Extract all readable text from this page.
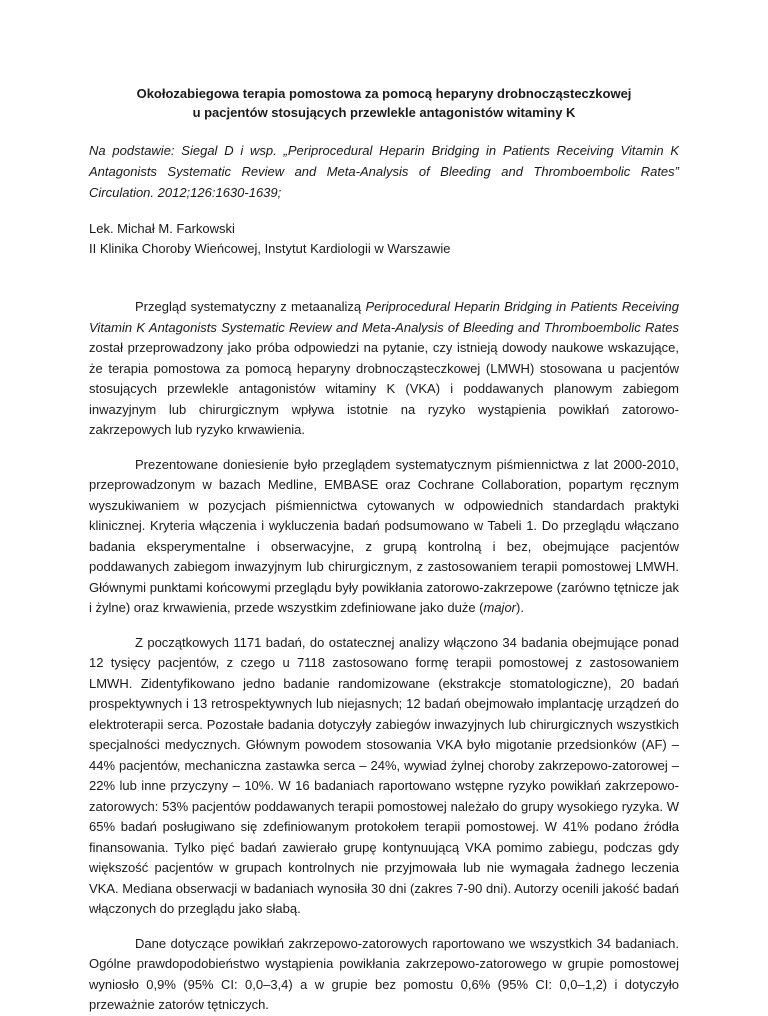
Okołozabiegowa terapia pomostowa za pomocą heparyny drobnocząsteczkowej
u pacjentów stosujących przewlekle antagonistów witaminy K
Na podstawie: Siegal D i wsp. „Periprocedural Heparin Bridging in Patients Receiving Vitamin K Antagonists Systematic Review and Meta-Analysis of Bleeding and Thromboembolic Rates” Circulation. 2012;126:1630-1639;
Lek. Michał M. Farkowski
II Klinika Choroby Wieńcowej, Instytut Kardiologii w Warszawie

Przegląd systematyczny z metaanalizą Periprocedural Heparin Bridging in Patients Receiving Vitamin K Antagonists Systematic Review and Meta-Analysis of Bleeding and Thromboembolic Rates został przeprowadzony jako próba odpowiedzi na pytanie, czy istnieją dowody naukowe wskazujące, że terapia pomostowa za pomocą heparyny drobnocząsteczkowej (LMWH) stosowana u pacjentów stosujących przewlekle antagonistów witaminy K (VKA) i poddawanych planowym zabiegom inwazyjnym lub chirurgicznym wpływa istotnie na ryzyko wystąpienia powikłań zatorowo-zakrzepowych lub ryzyko krwawienia.

Prezentowane doniesienie było przeglądem systematycznym piśmiennictwa z lat 2000-2010, przeprowadzonym w bazach Medline, EMBASE oraz Cochrane Collaboration, popartym ręcznym wyszukiwaniem w pozycjach piśmiennictwa cytowanych w odpowiednich standardach praktyki klinicznej. Kryteria włączenia i wykluczenia badań podsumowano w Tabeli 1. Do przeglądu włączano badania eksperymentalne i obserwacyjne, z grupą kontrolną i bez, obejmujące pacjentów poddawanych zabiegom inwazyjnym lub chirurgicznym, z zastosowaniem terapii pomostowej LMWH. Głównymi punktami końcowymi przeglądu były powikłania zatorowo-zakrzepowe (zarówno tętnicze jak i żylne) oraz krwawienia, przede wszystkim zdefiniowane jako duże (major).

Z początkowych 1171 badań, do ostatecznej analizy włączono 34 badania obejmujące ponad 12 tysięcy pacjentów, z czego u 7118 zastosowano formę terapii pomostowej z zastosowaniem LMWH. Zidentyfikowano jedno badanie randomizowane (ekstrakcje stomatologiczne), 20 badań prospektywnych i 13 retrospektywnych lub niejasnych; 12 badań obejmowało implantację urządzeń do elektroterapii serca. Pozostałe badania dotyczyły zabiegów inwazyjnych lub chirurgicznych wszystkich specjalności medycznych. Głównym powodem stosowania VKA było migotanie przedsionków (AF) – 44% pacjentów, mechaniczna zastawka serca – 24%, wywiad żylnej choroby zakrzepowo-zatorowej – 22% lub inne przyczyny – 10%. W 16 badaniach raportowano wstępne ryzyko powikłań zakrzepowo-zatorowych: 53% pacjentów poddawanych terapii pomostowej należało do grupy wysokiego ryzyka. W 65% badań posługiwano się zdefiniowanym protokołem terapii pomostowej. W 41% podano źródła finansowania. Tylko pięć badań zawierało grupę kontynuującą VKA pomimo zabiegu, podczas gdy większość pacjentów w grupach kontrolnych nie przyjmowała lub nie wymagała żadnego leczenia VKA. Mediana obserwacji w badaniach wynosiła 30 dni (zakres 7-90 dni). Autorzy ocenili jakość badań włączonych do przeglądu jako słabą.

Dane dotyczące powikłań zakrzepowo-zatorowych raportowano we wszystkich 34 badaniach. Ogólne prawdopodobieństwo wystąpienia powikłania zakrzepowo-zatorowego w grupie pomostowej wyniosło 0,9% (95% CI: 0,0–3,4) a w grupie bez pomostu 0,6% (95% CI: 0,0–1,2) i dotyczyło przeważnie zatorów tętniczych.
